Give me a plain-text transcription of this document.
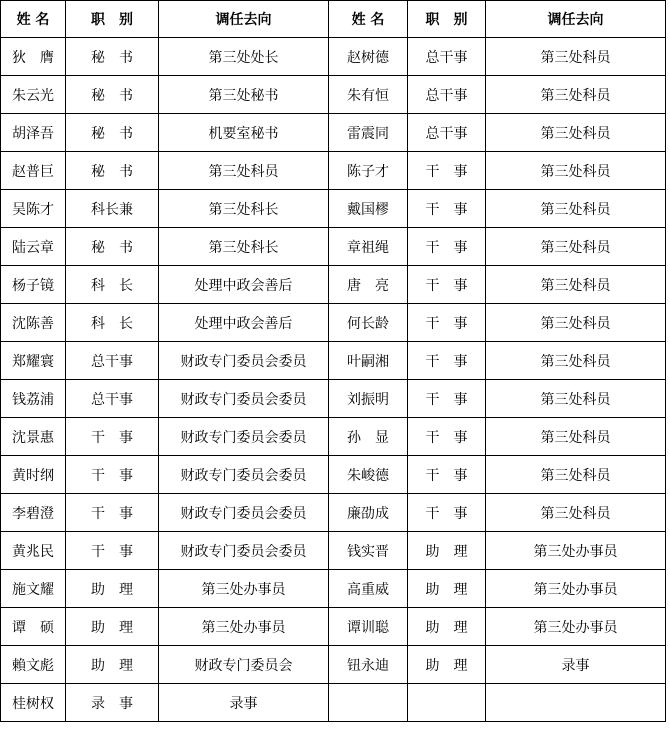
姓 名	职　别	调任去向	姓 名	职　别	调任去向
狄　膺	秘　书	第三处处长	赵树德	总干事	第三处科员
朱云光	秘　书	第三处秘书	朱有恒	总干事	第三处科员
胡泽吾	秘　书	机要室秘书	雷震同	总干事	第三处科员
赵普巨	秘　书	第三处科员	陈子才	干　事	第三处科员
吴陈才	科长兼	第三处科长	戴国樛	干　事	第三处科员
陆云章	秘　书	第三处科长	章祖绳	干　事	第三处科员
杨子镜	科　长	处理中政会善后	唐　亮	干　事	第三处科员
沈陈善	科　长	处理中政会善后	何长龄	干　事	第三处科员
郑耀寰	总干事	财政专门委员会委员	叶嗣湘	干　事	第三处科员
钱荔浦	总干事	财政专门委员会委员	刘振明	干　事	第三处科员
沈景惠	干　事	财政专门委员会委员	孙　显	干　事	第三处科员
黄时纲	干　事	财政专门委员会委员	朱峻德	干　事	第三处科员
李碧澄	干　事	财政专门委员会委员	廉劭成	干　事	第三处科员
黄兆民	干　事	财政专门委员会委员	钱实晋	助　理	第三处办事员
施文耀	助　理	第三处办事员	高重威	助　理	第三处办事员
谭　硕	助　理	第三处办事员	谭训聪	助　理	第三处办事员
賴文彪	助　理	财政专门委员会	钮永迪	助　理	录事
桂树权	录　事	录事			
